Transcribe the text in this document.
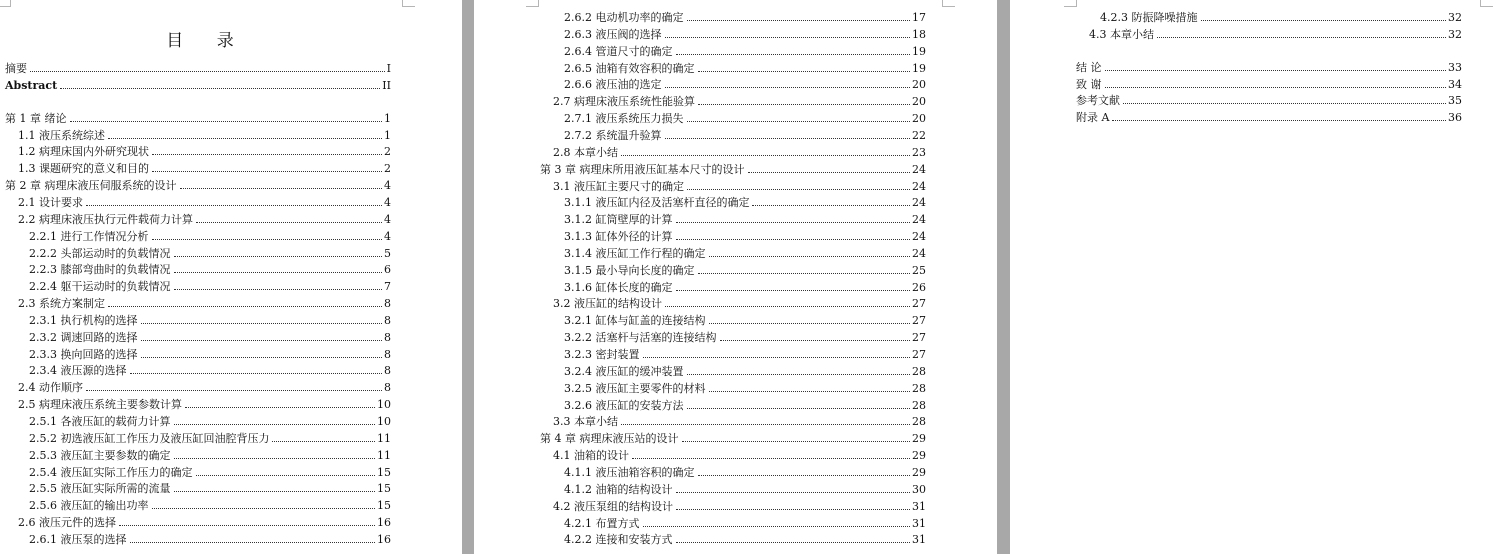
目 录
摘要	I
Abstract	II
第 1 章 绪论	1
1.1 液压系统综述	1
1.2 病理床国内外研究现状	2
1.3 课题研究的意义和目的	2
第 2 章 病理床液压伺服系统的设计	4
2.1 设计要求	4
2.2 病理床液压执行元件载荷力计算	4
2.2.1 进行工作情况分析	4
2.2.2 头部运动时的负载情况	5
2.2.3 膝部弯曲时的负载情况	6
2.2.4 躯干运动时的负载情况	7
2.3 系统方案制定	8
2.3.1 执行机构的选择	8
2.3.2 调速回路的选择	8
2.3.3 换向回路的选择	8
2.3.4 液压源的选择	8
2.4 动作顺序	8
2.5 病理床液压系统主要参数计算	10
2.5.1 各液压缸的载荷力计算	10
2.5.2 初选液压缸工作压力及液压缸回油腔背压力	11
2.5.3 液压缸主要参数的确定	11
2.5.4 液压缸实际工作压力的确定	15
2.5.5 液压缸实际所需的流量	15
2.5.6 液压缸的输出功率	15
2.6 液压元件的选择	16
2.6.1 液压泵的选择	16
2.6.2 电动机功率的确定	17
2.6.3 液压阀的选择	18
2.6.4 管道尺寸的确定	19
2.6.5 油箱有效容积的确定	19
2.6.6 液压油的选定	20
2.7 病理床液压系统性能验算	20
2.7.1 液压系统压力损失	20
2.7.2 系统温升验算	22
2.8 本章小结	23
第 3 章 病理床所用液压缸基本尺寸的设计	24
3.1 液压缸主要尺寸的确定	24
3.1.1 液压缸内径及活塞杆直径的确定	24
3.1.2 缸筒壁厚的计算	24
3.1.3 缸体外径的计算	24
3.1.4 液压缸工作行程的确定	24
3.1.5 最小导向长度的确定	25
3.1.6 缸体长度的确定	26
3.2 液压缸的结构设计	27
3.2.1 缸体与缸盖的连接结构	27
3.2.2 活塞杆与活塞的连接结构	27
3.2.3 密封装置	27
3.2.4 液压缸的缓冲装置	28
3.2.5 液压缸主要零件的材料	28
3.2.6 液压缸的安装方法	28
3.3 本章小结	28
第 4 章 病理床液压站的设计	29
4.1 油箱的设计	29
4.1.1 液压油箱容积的确定	29
4.1.2 油箱的结构设计	30
4.2 液压泵组的结构设计	31
4.2.1 布置方式	31
4.2.2 连接和安装方式	31
4.2.3 防振降噪措施	32
4.3 本章小结	32
结 论	33
致 谢	34
参考文献	35
附录 A	36
